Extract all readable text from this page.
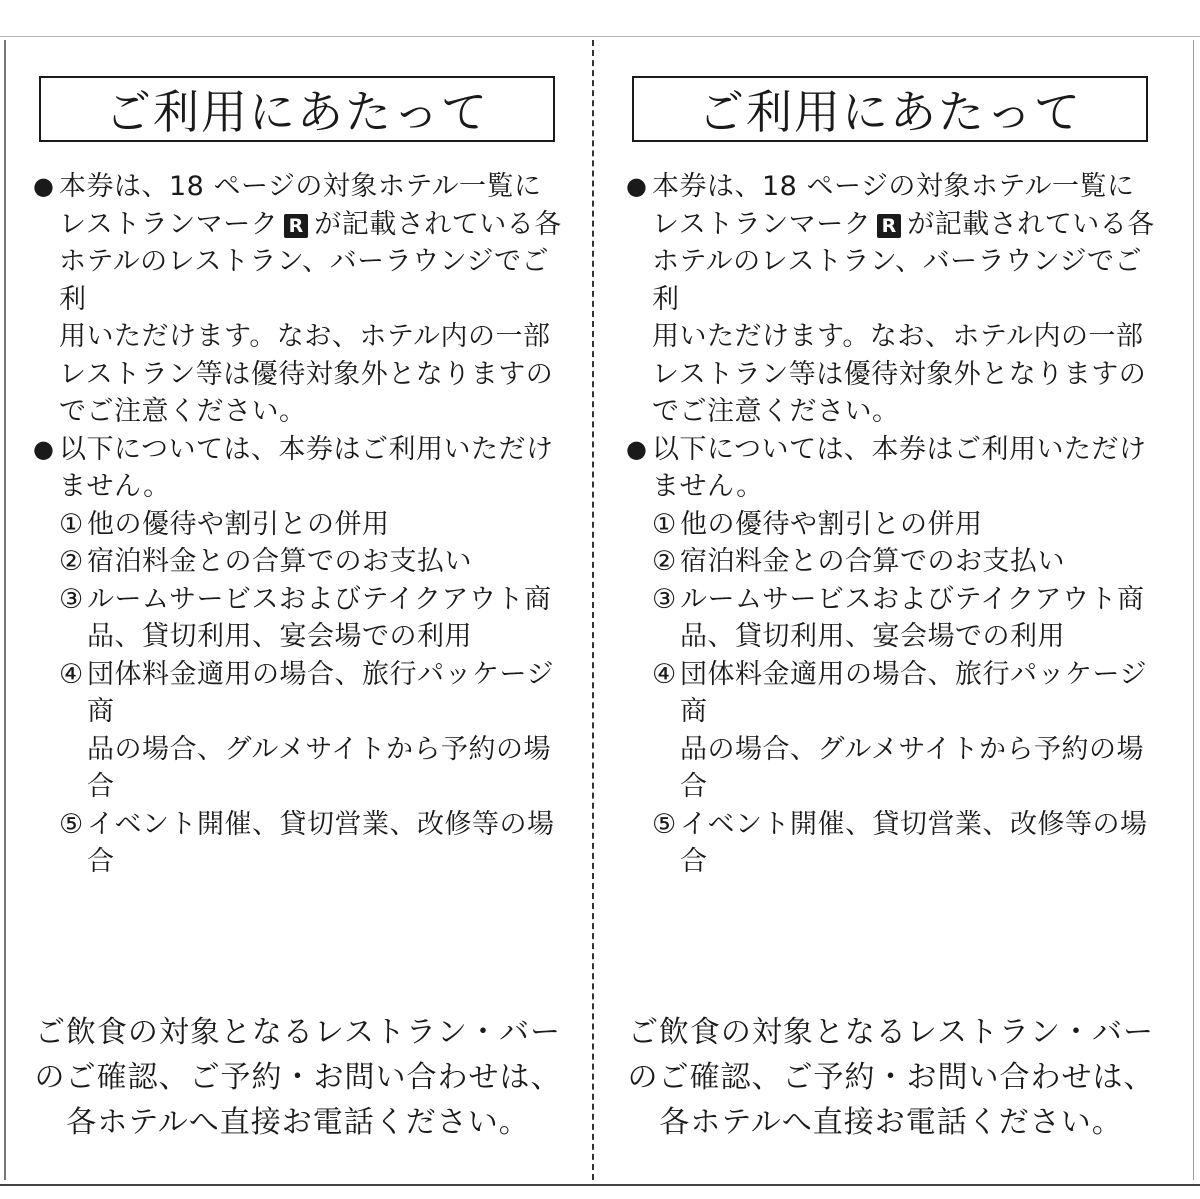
ご利用にあたって
● 本券は、18 ページの対象ホテル一覧に
レストランマーク R が記載されている各
ホテルのレストラン、バーラウンジでご利
用いただけます。なお、ホテル内の一部
レストラン等は優待対象外となりますの
でご注意ください。
● 以下については、本券はご利用いただけません。
① 他の優待や割引との併用
② 宿泊料金との合算でのお支払い
③ ルームサービスおよびテイクアウト商
品、貸切利用、宴会場での利用
④ 団体料金適用の場合、旅行パッケージ商
品の場合、グルメサイトから予約の場合
⑤ イベント開催、貸切営業、改修等の場合
ご飲食の対象となるレストラン・バー
のご確認、ご予約・お問い合わせは、
各ホテルへ直接お電話ください。
ご利用にあたって
● 本券は、18 ページの対象ホテル一覧に
レストランマーク R が記載されている各
ホテルのレストラン、バーラウンジでご利
用いただけます。なお、ホテル内の一部
レストラン等は優待対象外となりますの
でご注意ください。
● 以下については、本券はご利用いただけません。
① 他の優待や割引との併用
② 宿泊料金との合算でのお支払い
③ ルームサービスおよびテイクアウト商
品、貸切利用、宴会場での利用
④ 団体料金適用の場合、旅行パッケージ商
品の場合、グルメサイトから予約の場合
⑤ イベント開催、貸切営業、改修等の場合
ご飲食の対象となるレストラン・バー
のご確認、ご予約・お問い合わせは、
各ホテルへ直接お電話ください。
